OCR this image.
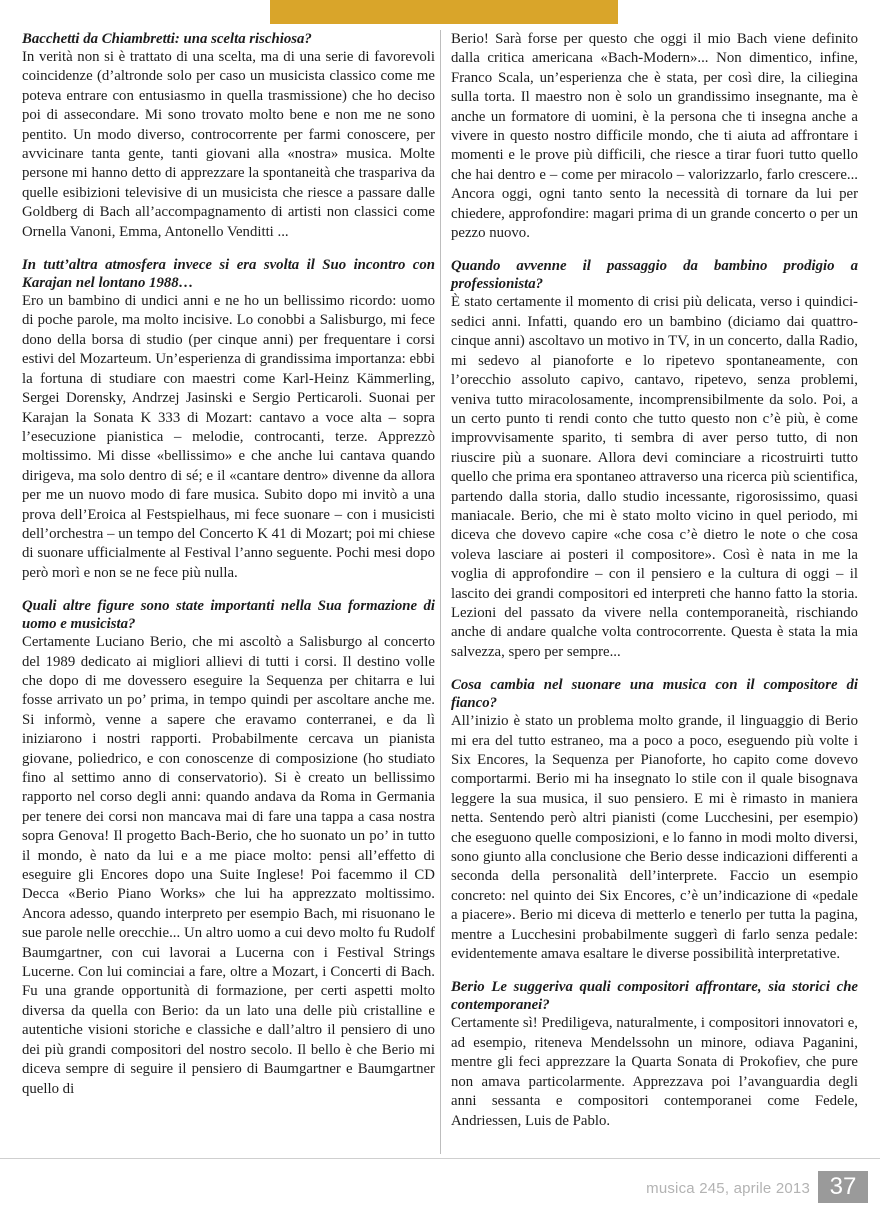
Bacchetti da Chiambretti: una scelta rischiosa?

In verità non si è trattato di una scelta, ma di una serie di favorevoli coincidenze (d’altronde solo per caso un musicista classico come me poteva entrare con entusiasmo in quella trasmissione) che ho deciso poi di assecondare. Mi sono trovato molto bene e non me ne sono pentito. Un modo diverso, controcorrente per farmi conoscere, per avvicinare tanta gente, tanti giovani alla «nostra» musica. Molte persone mi hanno detto di apprezzare la spontaneità che traspariva da quelle esibizioni televisive di un musicista che riesce a passare dalle Goldberg di Bach all’accompagnamento di artisti non classici come Ornella Vanoni, Emma, Antonello Venditti ...

In tutt’altra atmosfera invece si era svolta il Suo incontro con Karajan nel lontano 1988…

Ero un bambino di undici anni e ne ho un bellissimo ricordo: uomo di poche parole, ma molto incisive. Lo conobbi a Salisburgo, mi fece dono della borsa di studio (per cinque anni) per frequentare i corsi estivi del Mozarteum. Un’esperienza di grandissima importanza: ebbi la fortuna di studiare con maestri come Karl-Heinz Kämmerling, Sergei Dorensky, Andrzej Jasinski e Sergio Perticaroli. Suonai per Karajan la Sonata K 333 di Mozart: cantavo a voce alta – sopra l’esecuzione pianistica – melodie, controcanti, terze. Apprezzò moltissimo. Mi disse «bellissimo» e che anche lui cantava quando dirigeva, ma solo dentro di sé; e il «cantare dentro» divenne da allora per me un nuovo modo di fare musica. Subito dopo mi invitò a una prova dell’Eroica al Festspielhaus, mi fece suonare – con i musicisti dell’orchestra – un tempo del Concerto K 41 di Mozart; poi mi chiese di suonare ufficialmente al Festival l’anno seguente. Pochi mesi dopo però morì e non se ne fece più nulla.

Quali altre figure sono state importanti nella Sua formazione di uomo e musicista?

Certamente Luciano Berio, che mi ascoltò a Salisburgo al concerto del 1989 dedicato ai migliori allievi di tutti i corsi. Il destino volle che dopo di me dovessero eseguire la Sequenza per chitarra e lui fosse arrivato un po’ prima, in tempo quindi per ascoltare anche me. Si informò, venne a sapere che eravamo conterranei, e da lì iniziarono i nostri rapporti. Probabilmente cercava un pianista giovane, poliedrico, e con conoscenze di composizione (ho studiato fino al settimo anno di conservatorio). Si è creato un bellissimo rapporto nel corso degli anni: quando andava da Roma in Germania per tenere dei corsi non mancava mai di fare una tappa a casa nostra sopra Genova! Il progetto Bach-Berio, che ho suonato un po’ in tutto il mondo, è nato da lui e a me piace molto: pensi all’effetto di eseguire gli Encores dopo una Suite Inglese! Poi facemmo il CD Decca «Berio Piano Works» che lui ha apprezzato moltissimo. Ancora adesso, quando interpreto per esempio Bach, mi risuonano le sue parole nelle orecchie... Un altro uomo a cui devo molto fu Rudolf Baumgartner, con cui lavorai a Lucerna con i Festival Strings Lucerne. Con lui cominciai a fare, oltre a Mozart, i Concerti di Bach. Fu una grande opportunità di formazione, per certi aspetti molto diversa da quella con Berio: da un lato una delle più cristalline e autentiche visioni storiche e classiche e dall’altro il pensiero di uno dei più grandi compositori del nostro secolo. Il bello è che Berio mi diceva sempre di seguire il pensiero di Baumgartner e Baumgartner quello di

Berio! Sarà forse per questo che oggi il mio Bach viene definito dalla critica americana «Bach-Modern»... Non dimentico, infine, Franco Scala, un’esperienza che è stata, per così dire, la ciliegina sulla torta. Il maestro non è solo un grandissimo insegnante, ma è anche un formatore di uomini, è la persona che ti insegna anche a vivere in questo nostro difficile mondo, che ti aiuta ad affrontare i momenti e le prove più difficili, che riesce a tirar fuori tutto quello che hai dentro e – come per miracolo – valorizzarlo, farlo crescere... Ancora oggi, ogni tanto sento la necessità di tornare da lui per chiedere, approfondire: magari prima di un grande concerto o per un pezzo nuovo.

Quando avvenne il passaggio da bambino prodigio a professionista?

È stato certamente il momento di crisi più delicata, verso i quindici-sedici anni. Infatti, quando ero un bambino (diciamo dai quattro-cinque anni) ascoltavo un motivo in TV, in un concerto, dalla Radio, mi sedevo al pianoforte e lo ripetevo spontaneamente, con l’orecchio assoluto capivo, cantavo, ripetevo, senza problemi, veniva tutto miracolosamente, incomprensibilmente da solo. Poi, a un certo punto ti rendi conto che tutto questo non c’è più, è come improvvisamente sparito, ti sembra di aver perso tutto, di non riuscire più a suonare. Allora devi cominciare a ricostruirti tutto quello che prima era spontaneo attraverso una ricerca più scientifica, partendo dalla storia, dallo studio incessante, rigorosissimo, quasi maniacale. Berio, che mi è stato molto vicino in quel periodo, mi diceva che dovevo capire «che cosa c’è dietro le note o che cosa voleva lasciare ai posteri il compositore». Così è nata in me la voglia di approfondire – con il pensiero e la cultura di oggi – il lascito dei grandi compositori ed interpreti che hanno fatto la storia. Lezioni del passato da vivere nella contemporaneità, rischiando anche di andare qualche volta controcorrente. Questa è stata la mia salvezza, spero per sempre...

Cosa cambia nel suonare una musica con il compositore di fianco?

All’inizio è stato un problema molto grande, il linguaggio di Berio mi era del tutto estraneo, ma a poco a poco, eseguendo più volte i Six Encores, la Sequenza per Pianoforte, ho capito come dovevo comportarmi. Berio mi ha insegnato lo stile con il quale bisognava leggere la sua musica, il suo pensiero. E mi è rimasto in maniera netta. Sentendo però altri pianisti (come Lucchesini, per esempio) che eseguono quelle composizioni, e lo fanno in modi molto diversi, sono giunto alla conclusione che Berio desse indicazioni differenti a seconda della personalità dell’interprete. Faccio un esempio concreto: nel quinto dei Six Encores, c’è un’indicazione di «pedale a piacere». Berio mi diceva di metterlo e tenerlo per tutta la pagina, mentre a Lucchesini probabilmente suggerì di farlo senza pedale: evidentemente amava esaltare le diverse possibilità interpretative.

Berio Le suggeriva quali compositori affrontare, sia storici che contemporanei?

Certamente sì! Prediligeva, naturalmente, i compositori innovatori e, ad esempio, riteneva Mendelssohn un minore, odiava Paganini, mentre gli feci apprezzare la Quarta Sonata di Prokofiev, che pure non amava particolarmente. Apprezzava poi l’avanguardia degli anni sessanta e compositori contemporanei come Fedele, Andriessen, Luis de Pablo.

musica 245, aprile 2013 37
